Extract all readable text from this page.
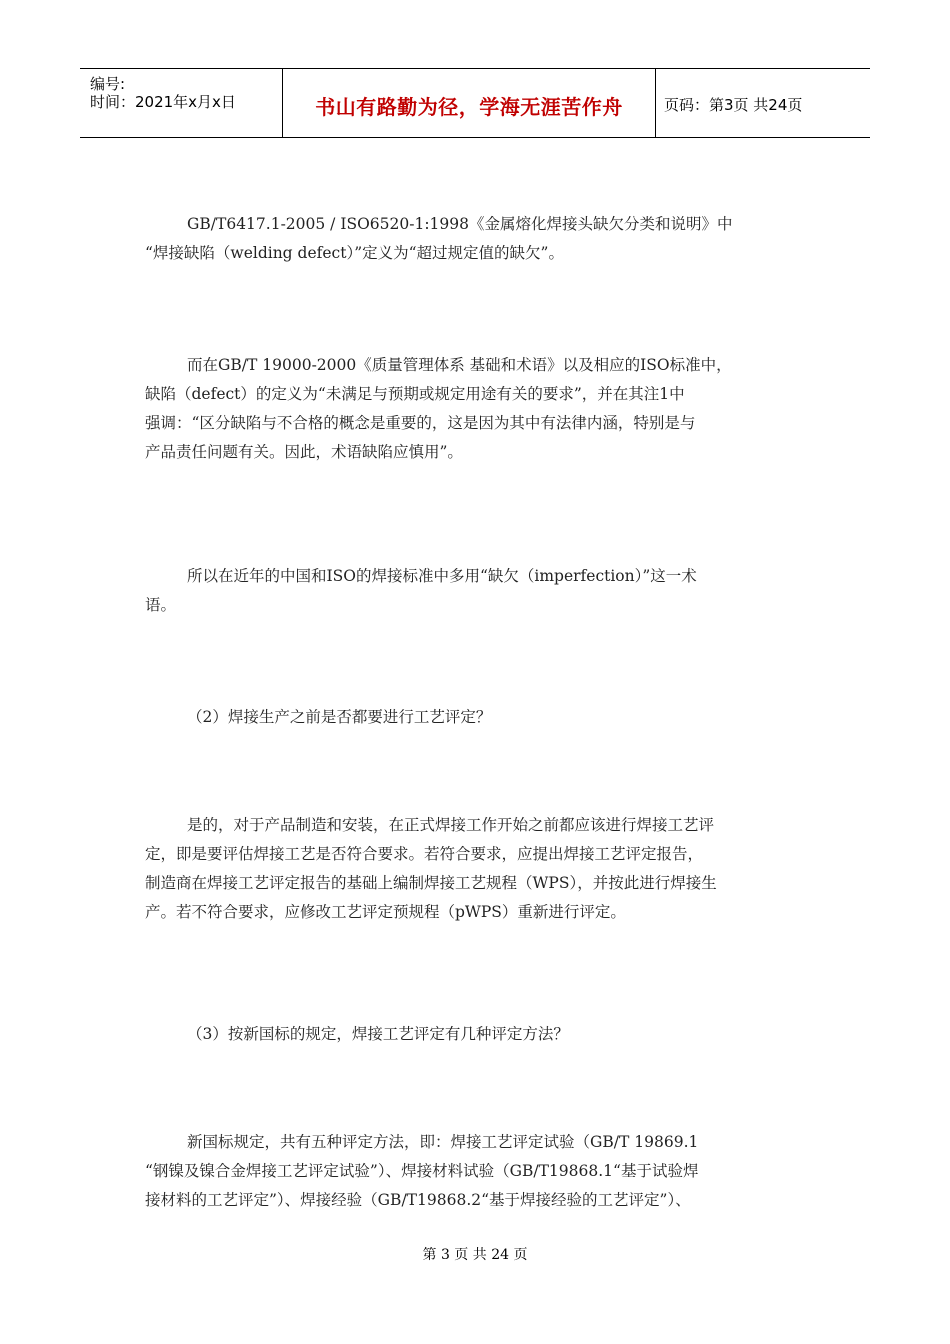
编号:
时间：2021年x月x日	书山有路勤为径，学海无涯苦作舟	页码：第3页 共24页
GB/T6417.1-2005 / ISO6520-1:1998《金属熔化焊接头缺欠分类和说明》中
“焊接缺陷（welding defect）”定义为“超过规定值的缺欠”。
而在GB/T 19000-2000《质量管理体系 基础和术语》以及相应的ISO标准中，
缺陷（defect）的定义为“未满足与预期或规定用途有关的要求”，并在其注1中
强调：“区分缺陷与不合格的概念是重要的，这是因为其中有法律内涵，特别是与
产品责任问题有关。因此，术语缺陷应慎用”。
所以在近年的中国和ISO的焊接标准中多用“缺欠（imperfection）”这一术
语。
（2）焊接生产之前是否都要进行工艺评定？
是的，对于产品制造和安装，在正式焊接工作开始之前都应该进行焊接工艺评
定，即是要评估焊接工艺是否符合要求。若符合要求，应提出焊接工艺评定报告，
制造商在焊接工艺评定报告的基础上编制焊接工艺规程（WPS），并按此进行焊接生
产。若不符合要求，应修改工艺评定预规程（pWPS）重新进行评定。
（3）按新国标的规定，焊接工艺评定有几种评定方法？
新国标规定，共有五种评定方法，即：焊接工艺评定试验（GB/T 19869.1
“钢镍及镍合金焊接工艺评定试验”）、焊接材料试验（GB/T19868.1“基于试验焊
接材料的工艺评定”）、焊接经验（GB/T19868.2“基于焊接经验的工艺评定”）、
第 3 页 共 24 页
